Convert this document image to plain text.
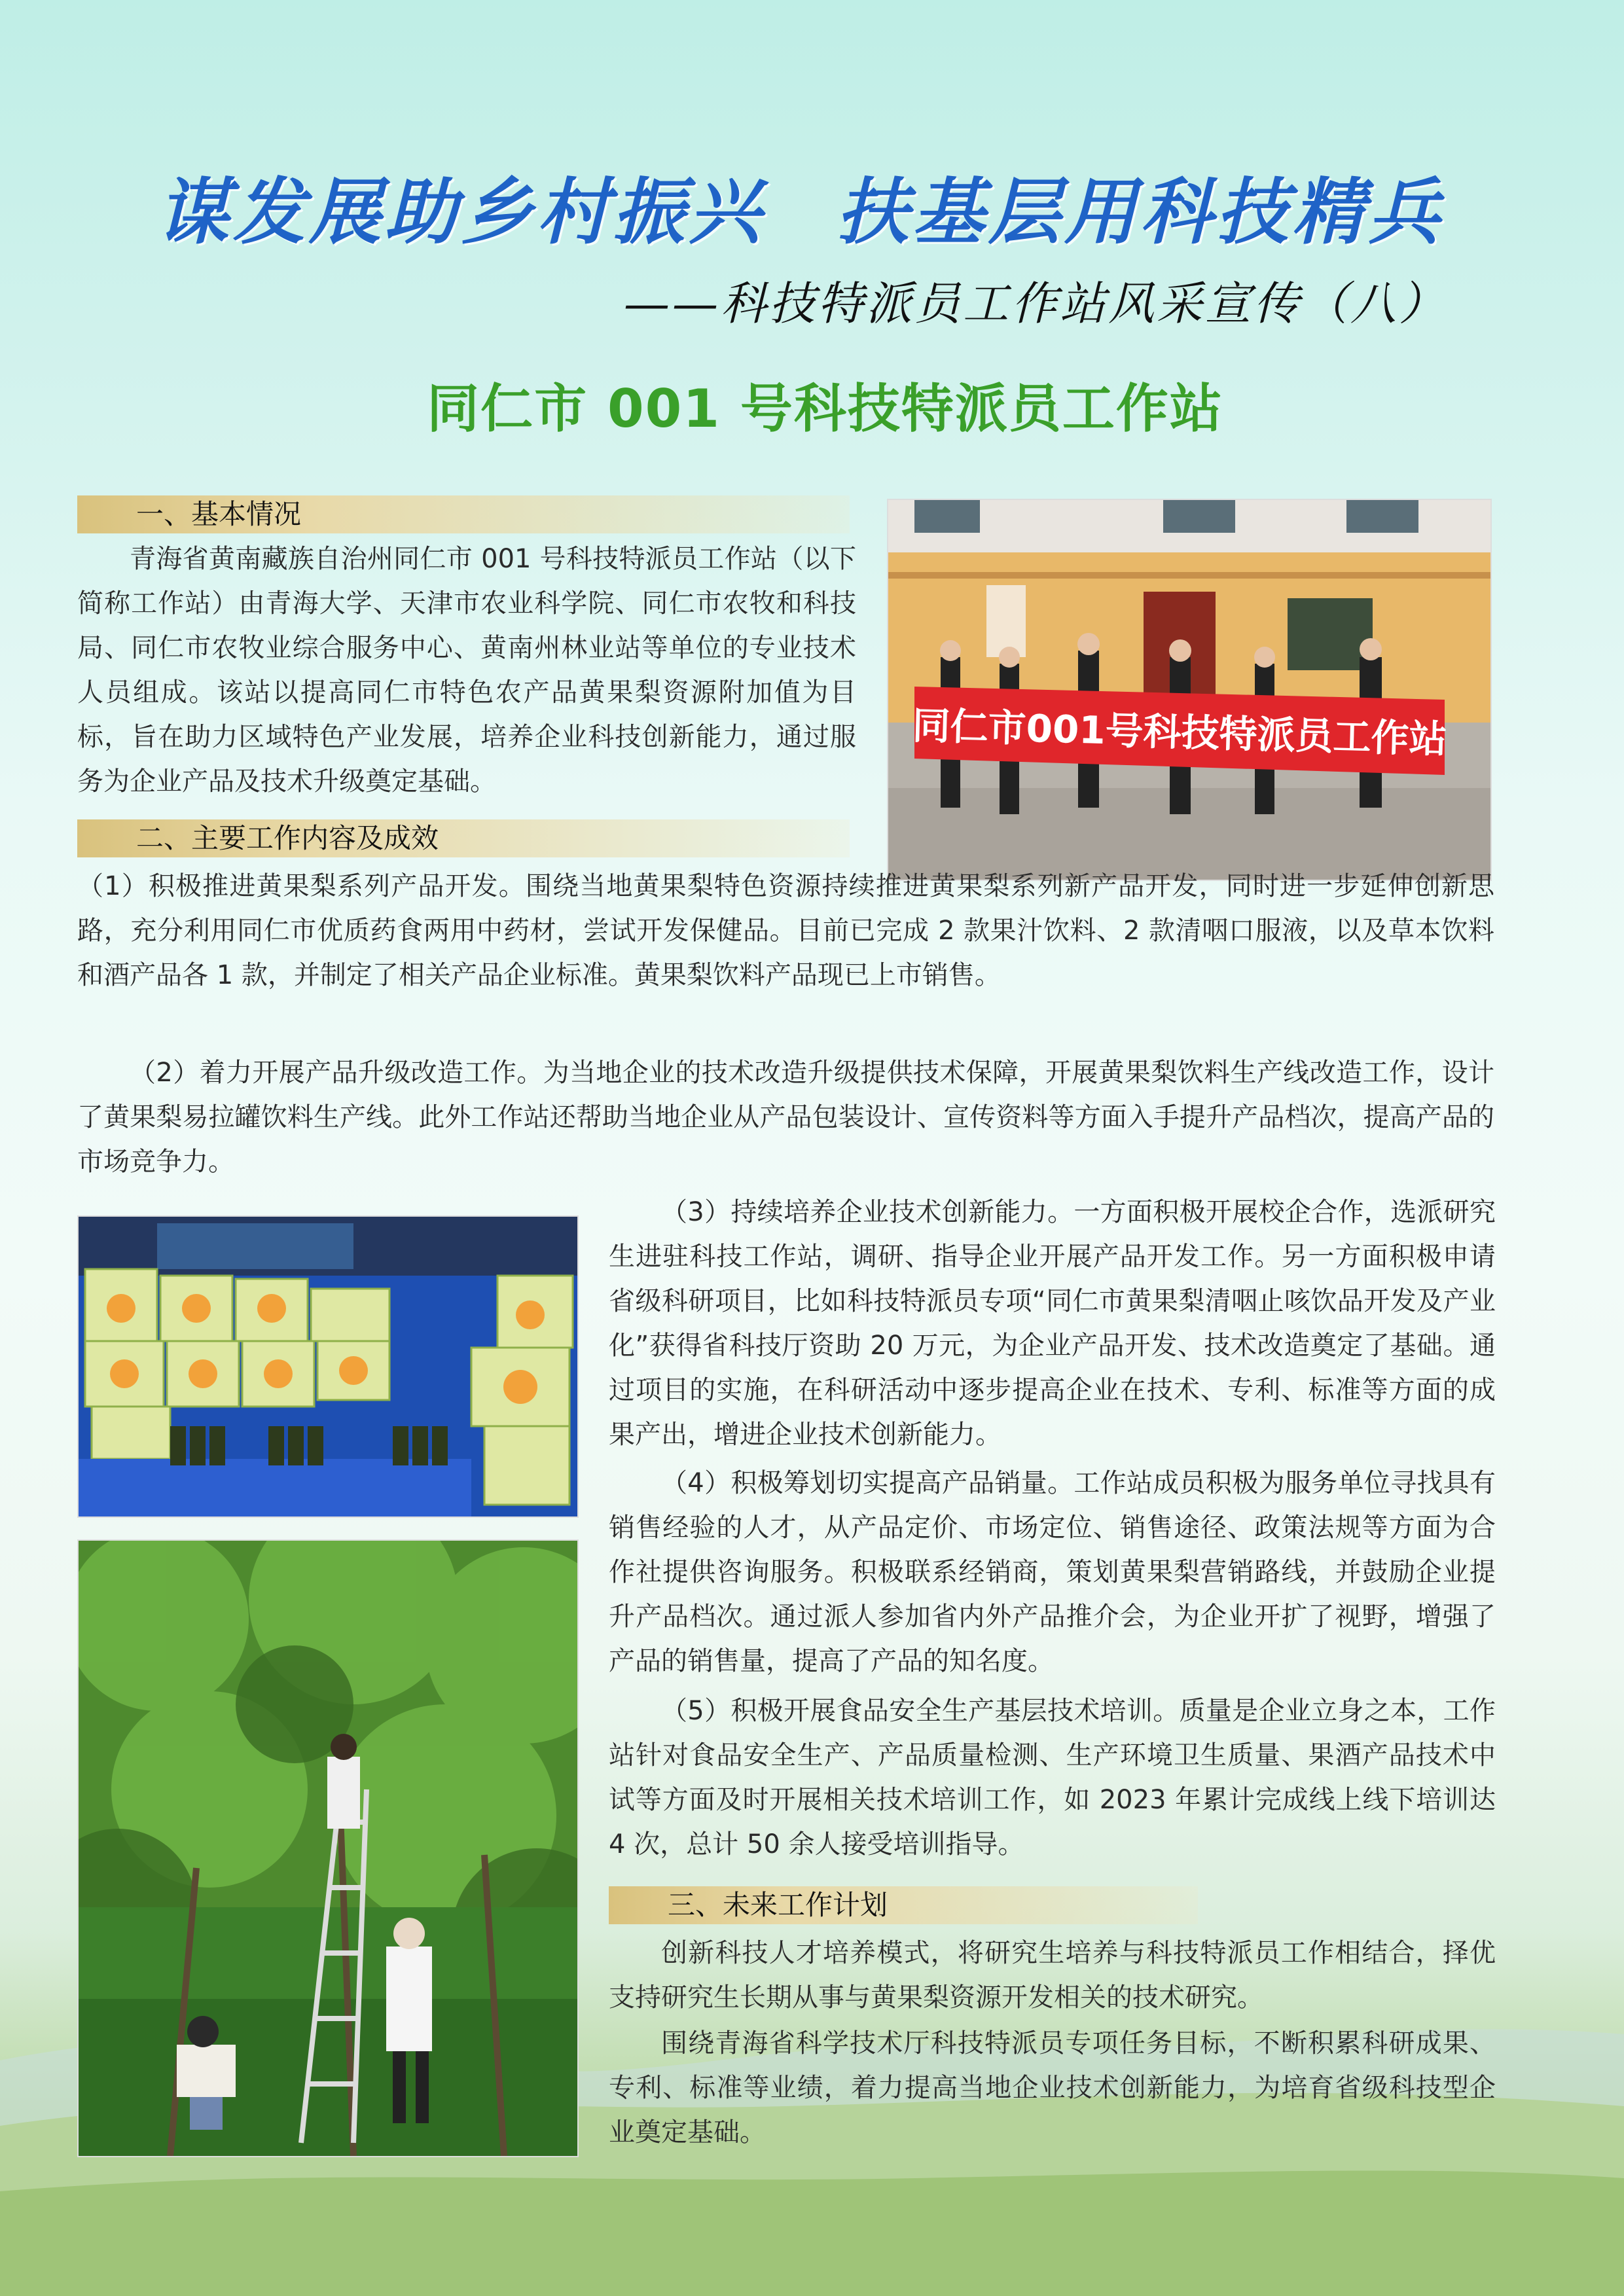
谋发展助乡村振兴 扶基层用科技精兵
——科技特派员工作站风采宣传（八）
同仁市 001 号科技特派员工作站
一、基本情况

青海省黄南藏族自治州同仁市 001 号科技特派员工作站（以下简称工作站）由青海大学、天津市农业科学院、同仁市农牧和科技局、同仁市农牧业综合服务中心、黄南州林业站等单位的专业技术人员组成。该站以提高同仁市特色农产品黄果梨资源附加值为目标，旨在助力区域特色产业发展，培养企业科技创新能力，通过服务为企业产品及技术升级奠定基础。

同仁市001号科技特派员工作站
二、主要工作内容及成效

（1）积极推进黄果梨系列产品开发。围绕当地黄果梨特色资源持续推进黄果梨系列新产品开发，同时进一步延伸创新思路，充分利用同仁市优质药食两用中药材，尝试开发保健品。目前已完成 2 款果汁饮料、2 款清咽口服液，以及草本饮料和酒产品各 1 款，并制定了相关产品企业标准。黄果梨饮料产品现已上市销售。

（2）着力开展产品升级改造工作。为当地企业的技术改造升级提供技术保障，开展黄果梨饮料生产线改造工作，设计了黄果梨易拉罐饮料生产线。此外工作站还帮助当地企业从产品包装设计、宣传资料等方面入手提升产品档次，提高产品的市场竞争力。

（3）持续培养企业技术创新能力。一方面积极开展校企合作，选派研究生进驻科技工作站，调研、指导企业开展产品开发工作。另一方面积极申请省级科研项目，比如科技特派员专项“同仁市黄果梨清咽止咳饮品开发及产业化”获得省科技厅资助 20 万元，为企业产品开发、技术改造奠定了基础。通过项目的实施，在科研活动中逐步提高企业在技术、专利、标准等方面的成果产出，增进企业技术创新能力。

（4）积极筹划切实提高产品销量。工作站成员积极为服务单位寻找具有销售经验的人才，从产品定价、市场定位、销售途径、政策法规等方面为合作社提供咨询服务。积极联系经销商，策划黄果梨营销路线，并鼓励企业提升产品档次。通过派人参加省内外产品推介会，为企业开扩了视野，增强了产品的销售量，提高了产品的知名度。

（5）积极开展食品安全生产基层技术培训。质量是企业立身之本，工作站针对食品安全生产、产品质量检测、生产环境卫生质量、果酒产品技术中试等方面及时开展相关技术培训工作，如 2023 年累计完成线上线下培训达 4 次，总计 50 余人接受培训指导。

三、未来工作计划

创新科技人才培养模式，将研究生培养与科技特派员工作相结合，择优支持研究生长期从事与黄果梨资源开发相关的技术研究。

围绕青海省科学技术厅科技特派员专项任务目标，不断积累科研成果、专利、标准等业绩，着力提高当地企业技术创新能力，为培育省级科技型企业奠定基础。
